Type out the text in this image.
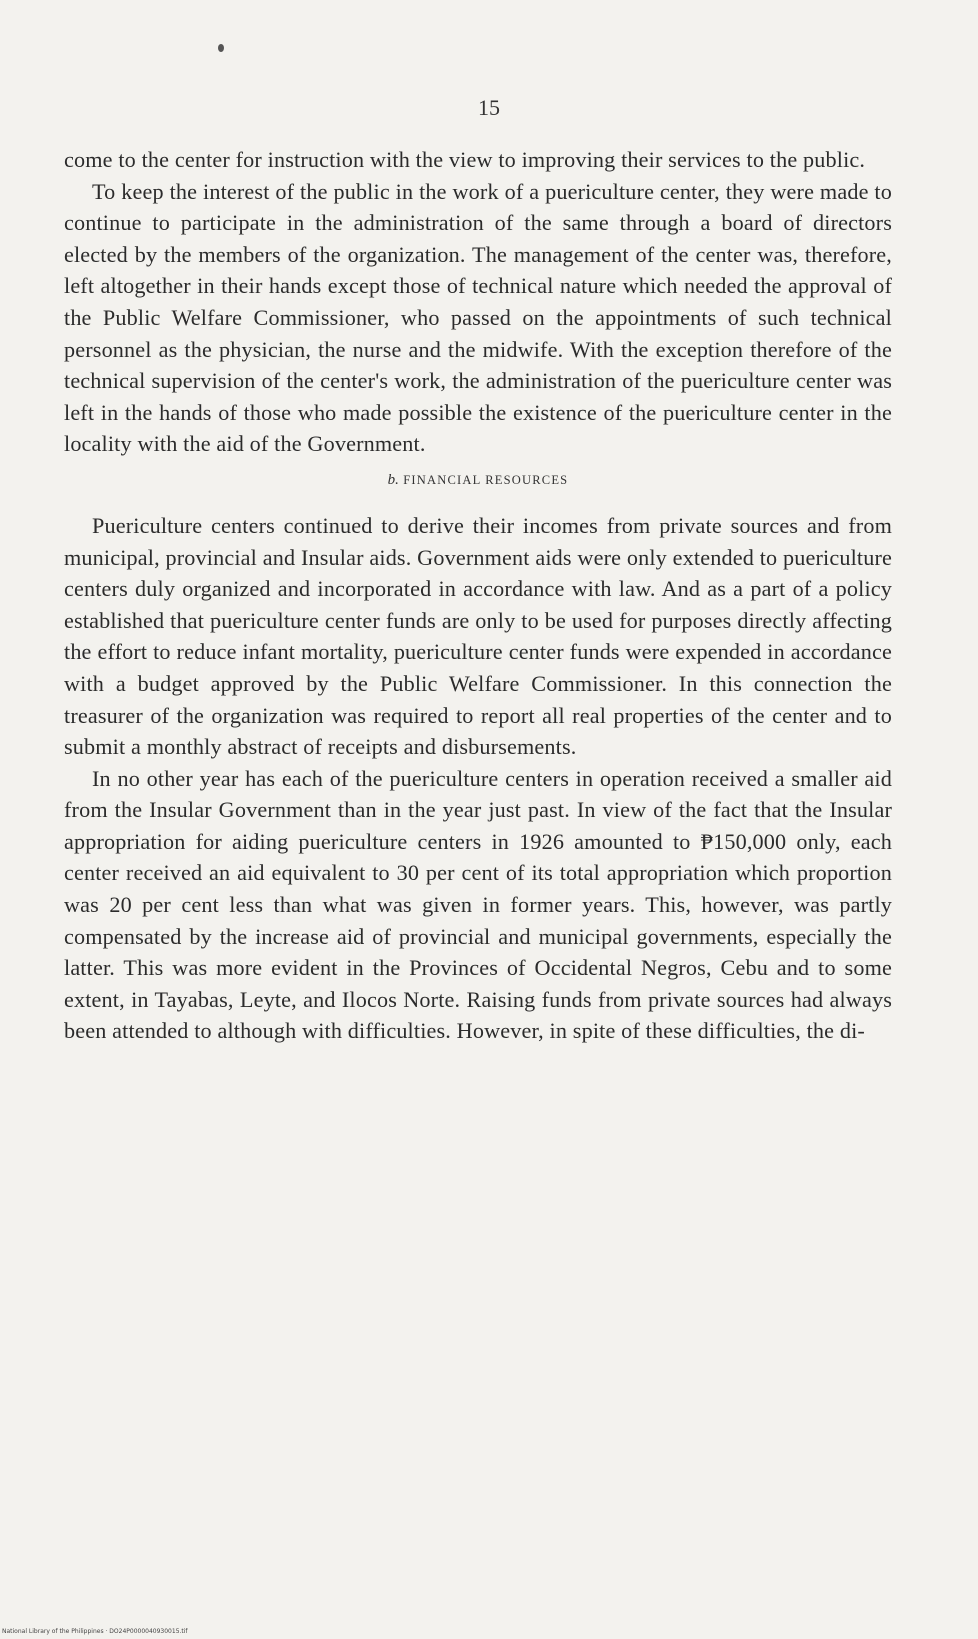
15

come to the center for instruction with the view to improving their services to the public.

To keep the interest of the public in the work of a puericulture center, they were made to continue to participate in the administration of the same through a board of directors elected by the members of the organization. The management of the center was, therefore, left altogether in their hands except those of technical nature which needed the approval of the Public Welfare Commissioner, who passed on the appointments of such technical personnel as the physician, the nurse and the midwife. With the exception therefore of the technical supervision of the center's work, the administration of the puericulture center was left in the hands of those who made possible the existence of the puericulture center in the locality with the aid of the Government.

b. FINANCIAL RESOURCES

Puericulture centers continued to derive their incomes from private sources and from municipal, provincial and Insular aids. Government aids were only extended to puericulture centers duly organized and incorporated in accordance with law. And as a part of a policy established that puericulture center funds are only to be used for purposes directly affecting the effort to reduce infant mortality, puericulture center funds were expended in accordance with a budget approved by the Public Welfare Commissioner. In this connection the treasurer of the organization was required to report all real properties of the center and to submit a monthly abstract of receipts and disbursements.

In no other year has each of the puericulture centers in operation received a smaller aid from the Insular Government than in the year just past. In view of the fact that the Insular appropriation for aiding puericulture centers in 1926 amounted to ₱150,000 only, each center received an aid equivalent to 30 per cent of its total appropriation which proportion was 20 per cent less than what was given in former years. This, however, was partly compensated by the increase aid of provincial and municipal governments, especially the latter. This was more evident in the Provinces of Occidental Negros, Cebu and to some extent, in Tayabas, Leyte, and Ilocos Norte. Raising funds from private sources had always been attended to although with difficulties. However, in spite of these difficulties, the di-

National Library of the Philippines · DO24P0000040930015.tif
